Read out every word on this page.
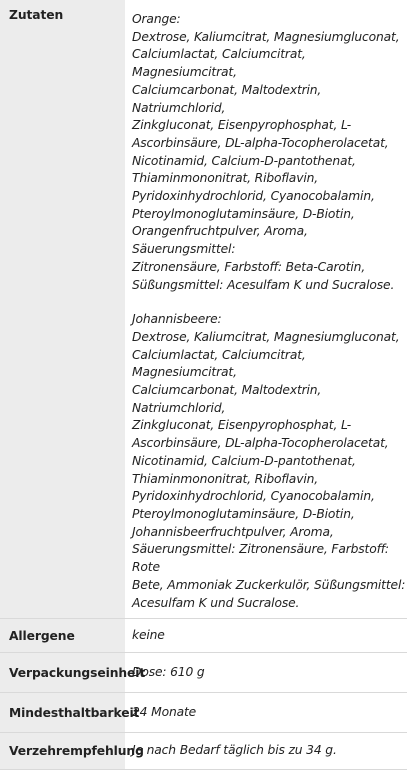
Zutaten	Orange:
Dextrose, Kaliumcitrat, Magnesiumgluconat,
Calciumlactat, Calciumcitrat, Magnesiumcitrat,
Calciumcarbonat, Maltodextrin, Natriumchlorid,
Zinkgluconat, Eisenpyrophosphat, L-
Ascorbinsäure, DL-alpha-Tocopherolacetat,
Nicotinamid, Calcium-D-pantothenat,
Thiaminmononitrat, Riboflavin,
Pyridoxinhydrochlorid, Cyanocobalamin,
Pteroylmonoglutaminsäure, D-Biotin,
Orangenfruchtpulver, Aroma, Säuerungsmittel:
Zitronensäure, Farbstoff: Beta-Carotin,
Süßungsmittel: Acesulfam K und Sucralose.
Johannisbeere:
Dextrose, Kaliumcitrat, Magnesiumgluconat,
Calciumlactat, Calciumcitrat, Magnesiumcitrat,
Calciumcarbonat, Maltodextrin, Natriumchlorid,
Zinkgluconat, Eisenpyrophosphat, L-
Ascorbinsäure, DL-alpha-Tocopherolacetat,
Nicotinamid, Calcium-D-pantothenat,
Thiaminmononitrat, Riboflavin,
Pyridoxinhydrochlorid, Cyanocobalamin,
Pteroylmonoglutaminsäure, D-Biotin,
Johannisbeerfruchtpulver, Aroma,
Säuerungsmittel: Zitronensäure, Farbstoff: Rote
Bete, Ammoniak Zuckerkulör, Süßungsmittel:
Acesulfam K und Sucralose.
Allergene	keine
Verpackungseinheit
Dose: 610 g
Mindesthaltbarkeit
24 Monate
Verzehrempfehlung
Je nach Bedarf täglich bis zu 34 g.
